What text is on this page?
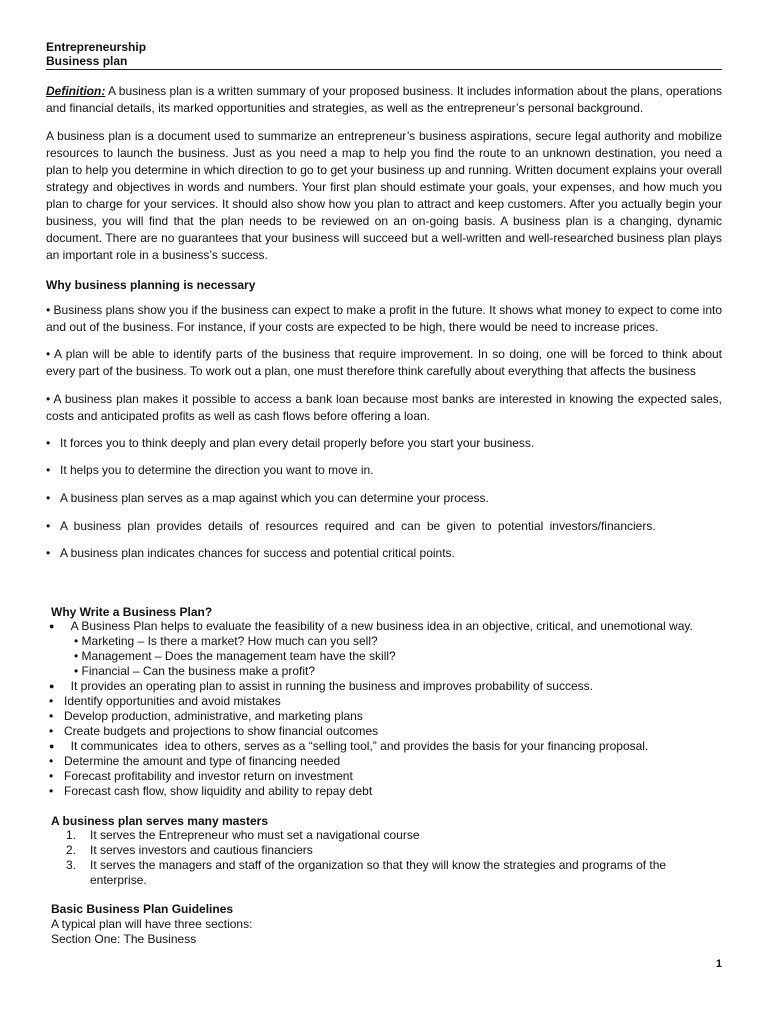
Entrepreneurship

Business plan

Definition: A business plan is a written summary of your proposed business. It includes information about the plans, operations and financial details, its marked opportunities and strategies, as well as the entrepreneur’s personal background.

A business plan is a document used to summarize an entrepreneur’s business aspirations, secure legal authority and mobilize resources to launch the business. Just as you need a map to help you find the route to an unknown destination, you need a plan to help you determine in which direction to go to get your business up and running. Written document explains your overall strategy and objectives in words and numbers. Your first plan should estimate your goals, your expenses, and how much you plan to charge for your services. It should also show how you plan to attract and keep customers. After you actually begin your business, you will find that the plan needs to be reviewed on an on-going basis. A business plan is a changing, dynamic document. There are no guarantees that your business will succeed but a well-written and well-researched business plan plays an important role in a business’s success.

Why business planning is necessary

• Business plans show you if the business can expect to make a profit in the future. It shows what money to expect to come into and out of the business. For instance, if your costs are expected to be high, there would be need to increase prices.

• A plan will be able to identify parts of the business that require improvement. In so doing, one will be forced to think about every part of the business. To work out a plan, one must therefore think carefully about everything that affects the business

• A business plan makes it possible to access a bank loan because most banks are interested in knowing the expected sales, costs and anticipated profits as well as cash flows before offering a loan.

• It forces you to think deeply and plan every detail properly before you start your business.

• It helps you to determine the direction you want to move in.

• A business plan serves as a map against which you can determine your process.

• A business plan provides details of resources required and can be given to potential investors/financiers.

• A business plan indicates chances for success and potential critical points.

Why Write a Business Plan?

● A Business Plan helps to evaluate the feasibility of a new business idea in an objective, critical, and unemotional way.
• Marketing – Is there a market? How much can you sell?
• Management – Does the management team have the skill?
• Financial – Can the business make a profit?
● It provides an operating plan to assist in running the business and improves probability of success.
• Identify opportunities and avoid mistakes
• Develop production, administrative, and marketing plans
• Create budgets and projections to show financial outcomes
● It communicates  idea to others, serves as a “selling tool,” and provides the basis for your financing proposal.
• Determine the amount and type of financing needed
• Forecast profitability and investor return on investment
• Forecast cash flow, show liquidity and ability to repay debt

A business plan serves many masters

1. It serves the Entrepreneur who must set a navigational course
2. It serves investors and cautious financiers
3. It serves the managers and staff of the organization so that they will know the strategies and programs of the enterprise.

Basic Business Plan Guidelines

A typical plan will have three sections:

Section One: The Business

1
